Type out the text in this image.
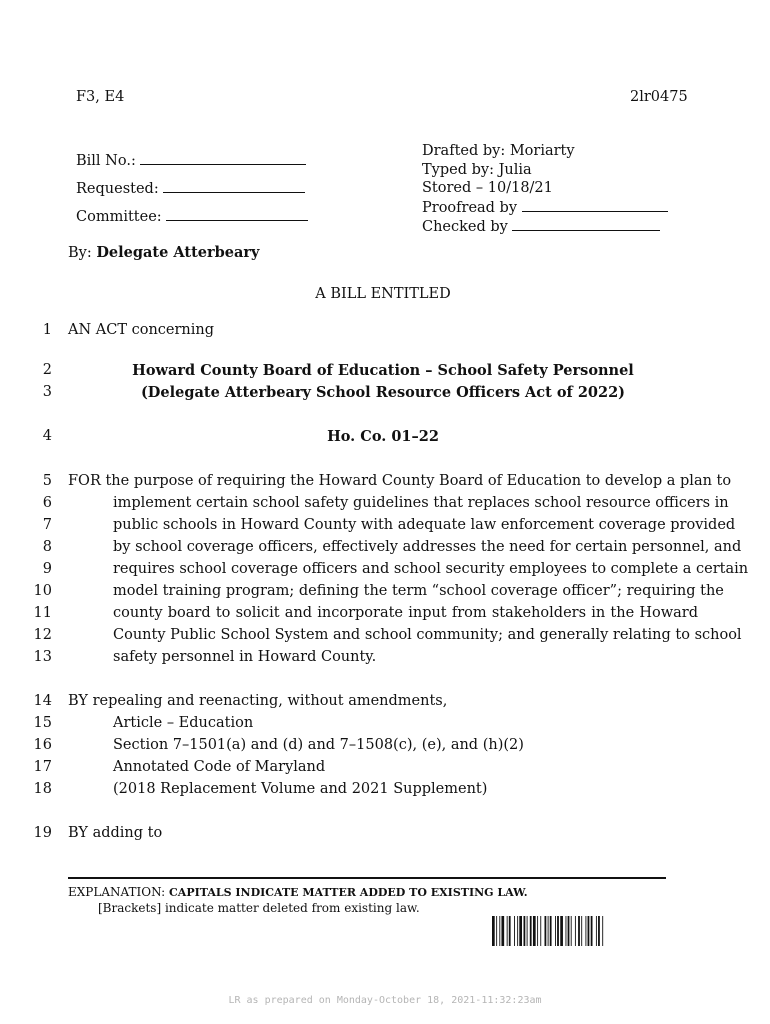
F3, E4	2lr0475
Bill No.:
Requested:
Committee:
Drafted by: Moriarty
Typed by: Julia
Stored – 10/18/21
Proofread by
Checked by
By: Delegate Atterbeary
A BILL ENTITLED
1
2
3
4
5
6
7
8
9
10
11
12
13
14
15
16
17
18
19
AN ACT concerning
Howard County Board of Education – School Safety Personnel
(Delegate Atterbeary School Resource Officers Act of 2022)
Ho. Co. 01–22
FOR the purpose of requiring the Howard County Board of Education to develop a plan to
implement certain school safety guidelines that replaces school resource officers in
public schools in Howard County with adequate law enforcement coverage provided
by school coverage officers, effectively addresses the need for certain personnel, and
requires school coverage officers and school security employees to complete a certain
model training program; defining the term “school coverage officer”; requiring the
county board to solicit and incorporate input from stakeholders in the Howard
County Public School System and school community; and generally relating to school
safety personnel in Howard County.
BY repealing and reenacting, without amendments,
Article – Education
Section 7–1501(a) and (d) and 7–1508(c), (e), and (h)(2)
Annotated Code of Maryland
(2018 Replacement Volume and 2021 Supplement)
BY adding to
EXPLANATION: CAPITALS INDICATE MATTER ADDED TO EXISTING LAW.
[Brackets] indicate matter deleted from existing law.
LR as prepared on Monday-October 18, 2021-11:32:23am
